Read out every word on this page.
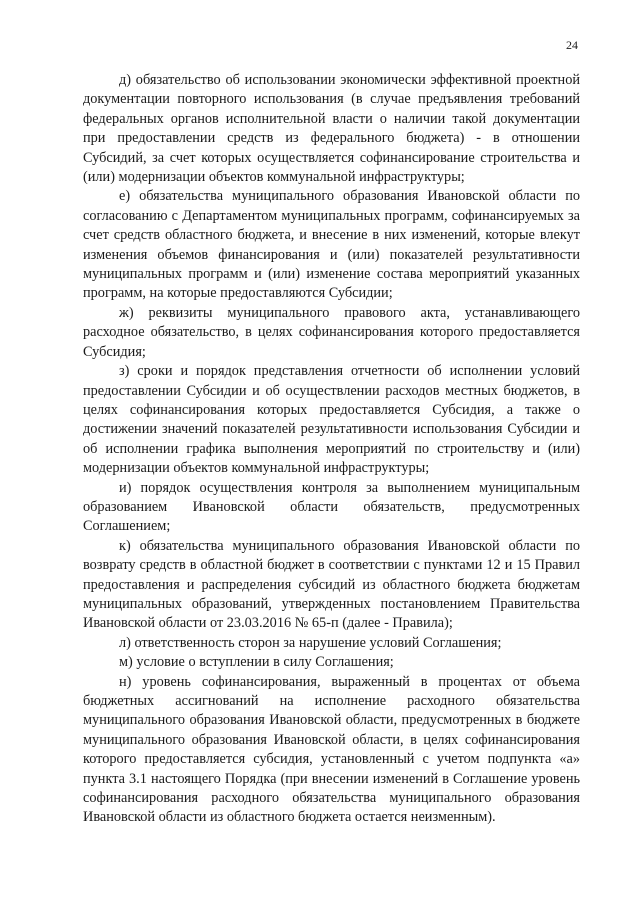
24

д) обязательство об использовании экономически эффективной проектной документации повторного использования (в случае предъявления требований федеральных органов исполнительной власти о наличии такой документации при предоставлении средств из федерального бюджета) - в отношении Субсидий, за счет которых осуществляется софинансирование строительства и (или) модернизации объектов коммунальной инфраструктуры;

е) обязательства муниципального образования Ивановской области по согласованию с Департаментом муниципальных программ, софинансируемых за счет средств областного бюджета, и внесение в них изменений, которые влекут изменения объемов финансирования и (или) показателей результативности муниципальных программ и (или) изменение состава мероприятий указанных программ, на которые предоставляются Субсидии;

ж) реквизиты муниципального правового акта, устанавливающего расходное обязательство, в целях софинансирования которого предоставляется Субсидия;

з) сроки и порядок представления отчетности об исполнении условий предоставлении Субсидии и об осуществлении расходов местных бюджетов, в целях софинансирования которых предоставляется Субсидия, а также о достижении значений показателей результативности использования Субсидии и об исполнении графика выполнения мероприятий по строительству и (или) модернизации объектов коммунальной инфраструктуры;

и) порядок осуществления контроля за выполнением муниципальным образованием Ивановской области обязательств, предусмотренных Соглашением;

к) обязательства муниципального образования Ивановской области по возврату средств в областной бюджет в соответствии с пунктами 12 и 15 Правил предоставления и распределения субсидий из областного бюджета бюджетам муниципальных образований, утвержденных постановлением Правительства Ивановской области от 23.03.2016 № 65-п (далее - Правила);

л) ответственность сторон за нарушение условий Соглашения;

м) условие о вступлении в силу Соглашения;

н) уровень софинансирования, выраженный в процентах от объема бюджетных ассигнований на исполнение расходного обязательства муниципального образования Ивановской области, предусмотренных в бюджете муниципального образования Ивановской области, в целях софинансирования которого предоставляется субсидия, установленный с учетом подпункта «а» пункта 3.1 настоящего Порядка (при внесении изменений в Соглашение уровень софинансирования расходного обязательства муниципального образования Ивановской области из областного бюджета остается неизменным).
